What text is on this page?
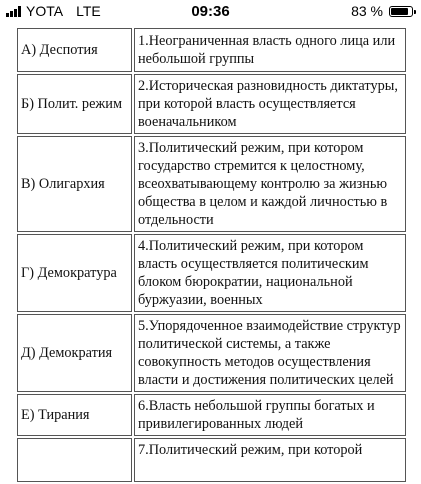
YOTA LTE	09:36	83 %
А) Деспотия	1.Неограниченная власть одного лица или небольшой группы
Б) Полит. режим	2.Историческая разновидность диктатуры, при которой власть осуществляется военачальником
В) Олигархия	3.Политический режим, при котором государство стремится к целостному, всеохватывающему контролю за жизнью общества в целом и каждой личностью в отдельности
Г) Демократура	4.Политический режим, при котором власть осуществляется политическим блоком бюрократии, национальной буржуазии, военных
Д) Демократия	5.Упорядоченное взаимодействие структур политической системы, а также совокупность методов осуществления власти и достижения политических целей
Е) Тирания	6.Власть небольшой группы богатых и привилегированных людей
	7.Политический режим, при которой
